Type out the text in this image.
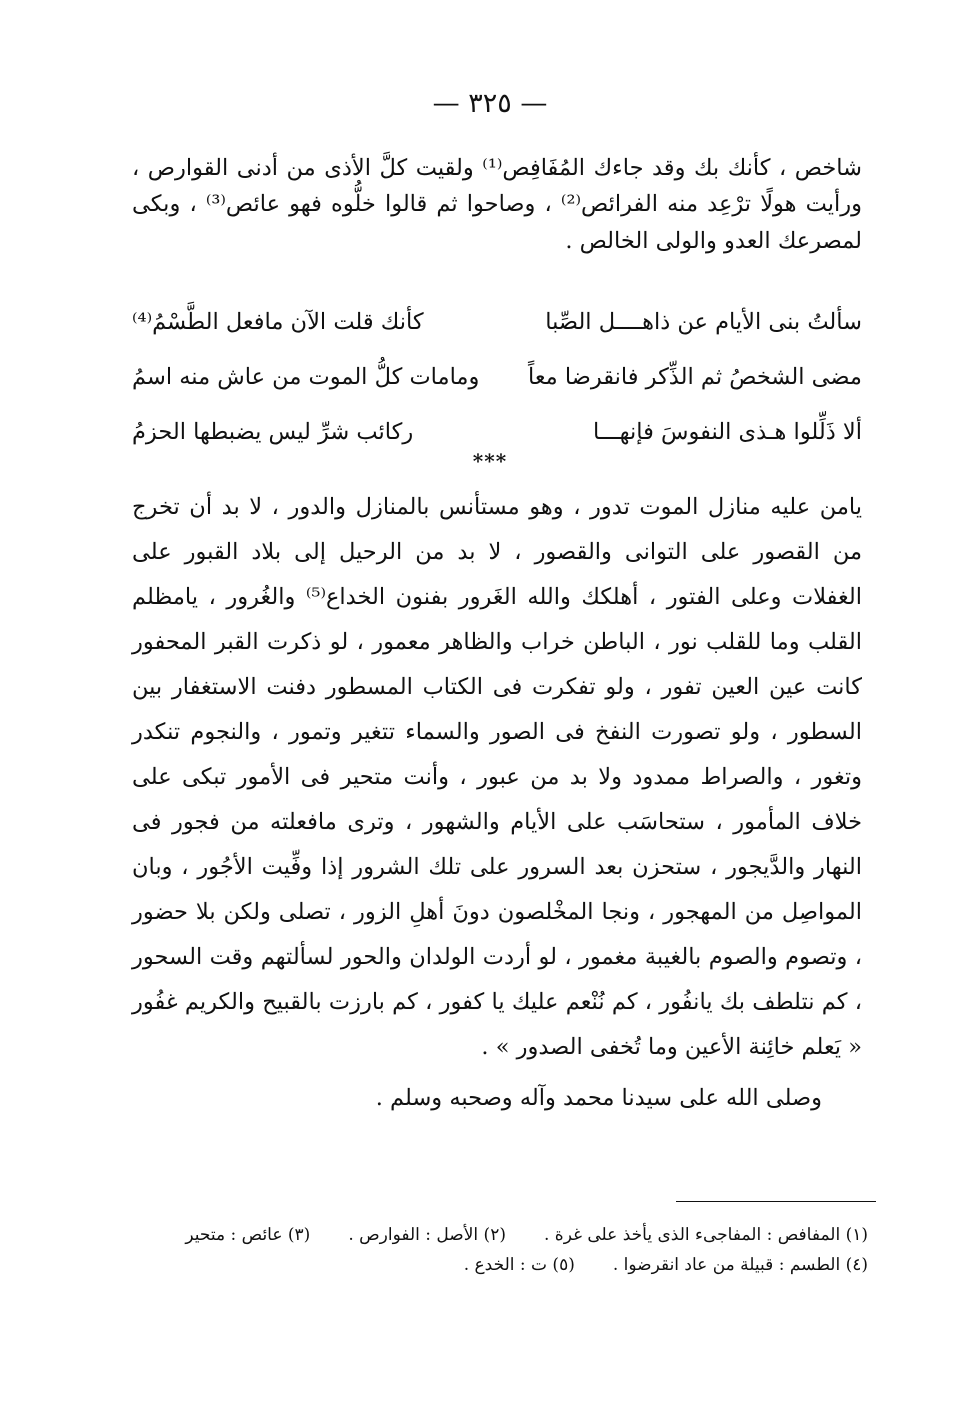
— ٣٢٥ —
شاخص ، كأنك بك وقد جاءك المُفَافِص⁽¹⁾ ولقيت كلَّ الأذى من أدنى القوارص ، ورأيت هولًا ترْعِد منه الفرائص⁽²⁾ ، وصاحوا ثم قالوا خلُّوه فهو عائص⁽³⁾ ، وبكى لمصرعك العدو والولى الخالص .
سألتُ بنى الأيام عن ذاهــــل الصِّبا
كأنك قلت الآن مافعل الطَّسْمُ⁽⁴⁾
مضى الشخصُ ثم الذِّكر فانقرضا معاً
ومامات كلُّ الموت من عاش منه اسمُ
ألا ذَلِّلوا هـذى النفوسَ فإنهـــا
ركائب شرِّ ليس يضبطها الحزمُ
***
يامن عليه منازل الموت تدور ، وهو مستأنس بالمنازل والدور ، لا بد أن تخرج من القصور على التوانى والقصور ، لا بد من الرحيل إلى بلاد القبور على الغفلات وعلى الفتور ، أهلكك والله الغَرور بفنون الخداع⁽⁵⁾ والغُرور ، يامظلم القلب وما للقلب نور ، الباطن خراب والظاهر معمور ، لو ذكرت القبر المحفور كانت عين العين تفور ، ولو تفكرت فى الكتاب المسطور دفنت الاستغفار بين السطور ، ولو تصورت النفخ فى الصور والسماء تتغير وتمور ، والنجوم تنكدر وتغور ، والصراط ممدود ولا بد من عبور ، وأنت متحير فى الأمور تبكى على خلاف المأمور ، ستحاسَب على الأيام والشهور ، وترى مافعلته من فجور فى النهار والدَّيجور ، ستحزن بعد السرور على تلك الشرور إذا وفِّيت الأجُور ، وبان المواصِل من المهجور ، ونجا المخْلصون دونَ أهلِ الزور ، تصلى ولكن بلا حضور ، وتصوم والصوم بالغيبة مغمور ، لو أردت الولدان والحور لسألتهم وقت السحور ، كم نتلطف بك يانفُور ، كم نُنْعم عليك يا كفور ، كم بارزت بالقبيح والكريم غفُور « يَعلم خائِنة الأعين وما تُخفى الصدور » .
وصلى الله على سيدنا محمد وآله وصحبه وسلم .
(١) المفافص : المفاجىء الذى يأخذ على غرة .
(٢) الأصل : الفوارص .
(٣) عائص : متحير
(٤) الطسم : قبيلة من عاد انقرضوا .
(٥) ت : الخدع .
